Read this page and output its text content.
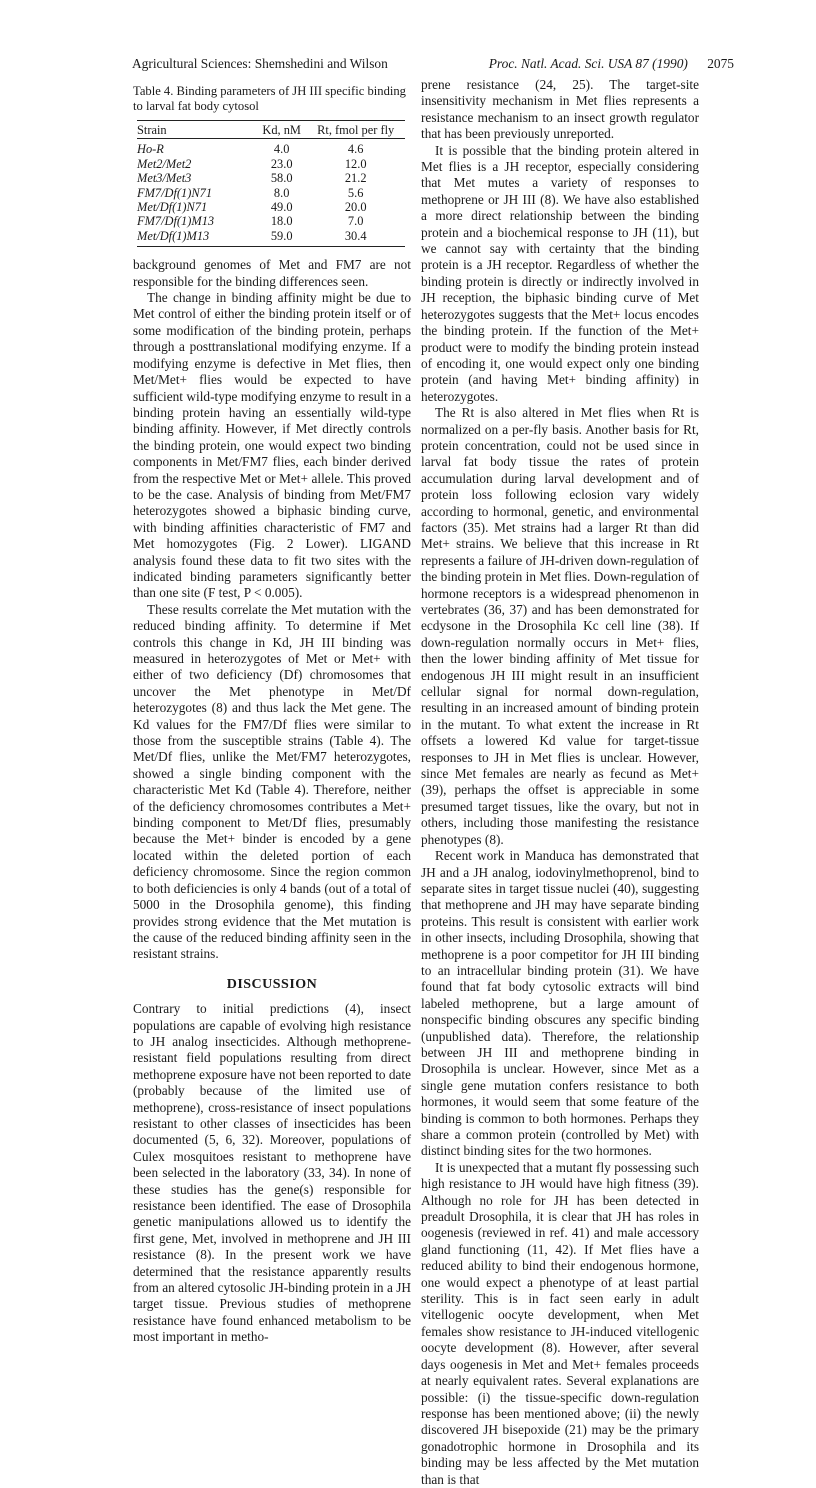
Agricultural Sciences: Shemshedini and Wilson	Proc. Natl. Acad. Sci. USA 87 (1990) 2075
Table 4. Binding parameters of JH III specific binding to larval fat body cytosol
Strain	Kd, nM	Rt, fmol per fly
Ho-R	4.0	4.6
Met2/Met2	23.0	12.0
Met3/Met3	58.0	21.2
FM7/Df(1)N71	8.0	5.6
Met/Df(1)N71	49.0	20.0
FM7/Df(1)M13	18.0	7.0
Met/Df(1)M13	59.0	30.4

background genomes of Met and FM7 are not responsible for the binding differences seen.

The change in binding affinity might be due to Met control of either the binding protein itself or of some modification of the binding protein, perhaps through a posttranslational modifying enzyme. If a modifying enzyme is defective in Met flies, then Met/Met+ flies would be expected to have sufficient wild-type modifying enzyme to result in a binding protein having an essentially wild-type binding affinity. However, if Met directly controls the binding protein, one would expect two binding components in Met/FM7 flies, each binder derived from the respective Met or Met+ allele. This proved to be the case. Analysis of binding from Met/FM7 heterozygotes showed a biphasic binding curve, with binding affinities characteristic of FM7 and Met homozygotes (Fig. 2 Lower). LIGAND analysis found these data to fit two sites with the indicated binding parameters significantly better than one site (F test, P < 0.005).

These results correlate the Met mutation with the reduced binding affinity. To determine if Met controls this change in Kd, JH III binding was measured in heterozygotes of Met or Met+ with either of two deficiency (Df) chromosomes that uncover the Met phenotype in Met/Df heterozygotes (8) and thus lack the Met gene. The Kd values for the FM7/Df flies were similar to those from the susceptible strains (Table 4). The Met/Df flies, unlike the Met/FM7 heterozygotes, showed a single binding component with the characteristic Met Kd (Table 4). Therefore, neither of the deficiency chromosomes contributes a Met+ binding component to Met/Df flies, presumably because the Met+ binder is encoded by a gene located within the deleted portion of each deficiency chromosome. Since the region common to both deficiencies is only 4 bands (out of a total of 5000 in the Drosophila genome), this finding provides strong evidence that the Met mutation is the cause of the reduced binding affinity seen in the resistant strains.

DISCUSSION

Contrary to initial predictions (4), insect populations are capable of evolving high resistance to JH analog insecticides. Although methoprene-resistant field populations resulting from direct methoprene exposure have not been reported to date (probably because of the limited use of methoprene), cross-resistance of insect populations resistant to other classes of insecticides has been documented (5, 6, 32). Moreover, populations of Culex mosquitoes resistant to methoprene have been selected in the laboratory (33, 34). In none of these studies has the gene(s) responsible for resistance been identified. The ease of Drosophila genetic manipulations allowed us to identify the first gene, Met, involved in methoprene and JH III resistance (8). In the present work we have determined that the resistance apparently results from an altered cytosolic JH-binding protein in a JH target tissue. Previous studies of methoprene resistance have found enhanced metabolism to be most important in metho-

prene resistance (24, 25). The target-site insensitivity mechanism in Met flies represents a resistance mechanism to an insect growth regulator that has been previously unreported.

It is possible that the binding protein altered in Met flies is a JH receptor, especially considering that Met mutes a variety of responses to methoprene or JH III (8). We have also established a more direct relationship between the binding protein and a biochemical response to JH (11), but we cannot say with certainty that the binding protein is a JH receptor. Regardless of whether the binding protein is directly or indirectly involved in JH reception, the biphasic binding curve of Met heterozygotes suggests that the Met+ locus encodes the binding protein. If the function of the Met+ product were to modify the binding protein instead of encoding it, one would expect only one binding protein (and having Met+ binding affinity) in heterozygotes.

The Rt is also altered in Met flies when Rt is normalized on a per-fly basis. Another basis for Rt, protein concentration, could not be used since in larval fat body tissue the rates of protein accumulation during larval development and of protein loss following eclosion vary widely according to hormonal, genetic, and environmental factors (35). Met strains had a larger Rt than did Met+ strains. We believe that this increase in Rt represents a failure of JH-driven down-regulation of the binding protein in Met flies. Down-regulation of hormone receptors is a widespread phenomenon in vertebrates (36, 37) and has been demonstrated for ecdysone in the Drosophila Kc cell line (38). If down-regulation normally occurs in Met+ flies, then the lower binding affinity of Met tissue for endogenous JH III might result in an insufficient cellular signal for normal down-regulation, resulting in an increased amount of binding protein in the mutant. To what extent the increase in Rt offsets a lowered Kd value for target-tissue responses to JH in Met flies is unclear. However, since Met females are nearly as fecund as Met+ (39), perhaps the offset is appreciable in some presumed target tissues, like the ovary, but not in others, including those manifesting the resistance phenotypes (8).

Recent work in Manduca has demonstrated that JH and a JH analog, iodovinylmethoprenol, bind to separate sites in target tissue nuclei (40), suggesting that methoprene and JH may have separate binding proteins. This result is consistent with earlier work in other insects, including Drosophila, showing that methoprene is a poor competitor for JH III binding to an intracellular binding protein (31). We have found that fat body cytosolic extracts will bind labeled methoprene, but a large amount of nonspecific binding obscures any specific binding (unpublished data). Therefore, the relationship between JH III and methoprene binding in Drosophila is unclear. However, since Met as a single gene mutation confers resistance to both hormones, it would seem that some feature of the binding is common to both hormones. Perhaps they share a common protein (controlled by Met) with distinct binding sites for the two hormones.

It is unexpected that a mutant fly possessing such high resistance to JH would have high fitness (39). Although no role for JH has been detected in preadult Drosophila, it is clear that JH has roles in oogenesis (reviewed in ref. 41) and male accessory gland functioning (11, 42). If Met flies have a reduced ability to bind their endogenous hormone, one would expect a phenotype of at least partial sterility. This is in fact seen early in adult vitellogenic oocyte development, when Met females show resistance to JH-induced vitellogenic oocyte development (8). However, after several days oogenesis in Met and Met+ females proceeds at nearly equivalent rates. Several explanations are possible: (i) the tissue-specific down-regulation response has been mentioned above; (ii) the newly discovered JH bisepoxide (21) may be the primary gonadotrophic hormone in Drosophila and its binding may be less affected by the Met mutation than is that
